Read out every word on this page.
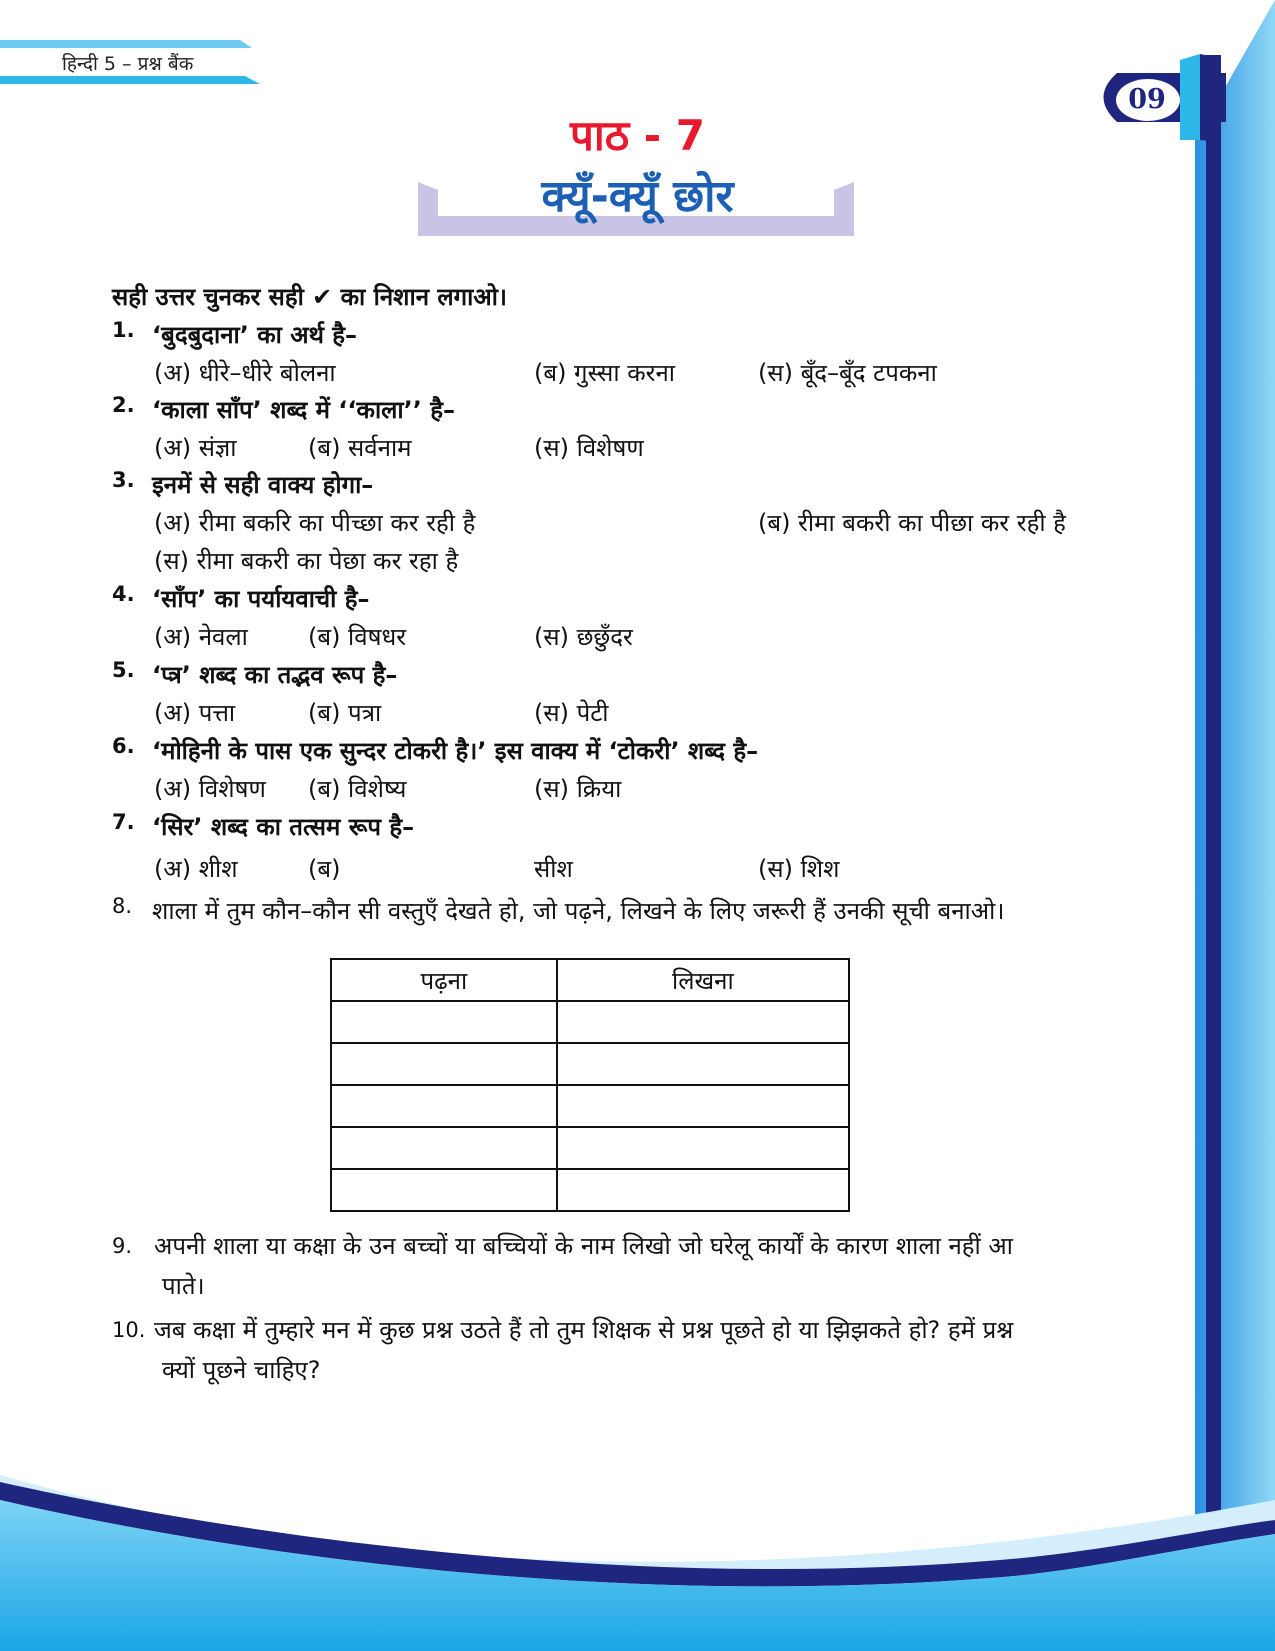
हिन्दी 5 – प्रश्न बैंक
09
पाठ - 7
क्यूँ-क्यूँ छोर
सही उत्तर चुनकर सही ✔ का निशान लगाओ।
1. ‘बुदबुदाना’ का अर्थ है–
(अ) धीरे–धीरे बोलना	(ब) गुस्सा करना	(स) बूँद–बूँद टपकना
2. ‘काला साँप’ शब्द में ‘‘काला’’ है–
(अ) संज्ञा	(ब) सर्वनाम	(स) विशेषण
3. इनमें से सही वाक्य होगा–
(अ) रीमा बकरि का पीच्छा कर रही है	(ब) रीमा बकरी का पीछा कर रही है
(स) रीमा बकरी का पेछा कर रहा है
4. ‘साँप’ का पर्यायवाची है–
(अ) नेवला	(ब) विषधर	(स) छछुँदर
5. ‘प्त्र’ शब्द का तद्भव रूप है–
(अ) पत्ता	(ब) पत्रा	(स) पेटी
6. ‘मोहिनी के पास एक सुन्दर टोकरी है।’ इस वाक्य में ‘टोकरी’ शब्द है–
(अ) विशेषण (ब) विशेष्य	(स) क्रिया
7. ‘सिर’ शब्द का तत्सम रूप है–
(अ) शीश	(ब)	सीश	(स) शिश
8. शाला में तुम कौन–कौन सी वस्तुएँ देखते हो, जो पढ़ने, लिखने के लिए जरूरी हैं उनकी सूची बनाओ।
पढ़ना	लिखना

9. अपनी शाला या कक्षा के उन बच्चों या बच्चियों के नाम लिखो जो घरेलू कार्यों के कारण शाला नहीं आ
पाते।
10. जब कक्षा में तुम्हारे मन में कुछ प्रश्न उठते हैं तो तुम शिक्षक से प्रश्न पूछते हो या झिझकते हो? हमें प्रश्न
क्यों पूछने चाहिए?
